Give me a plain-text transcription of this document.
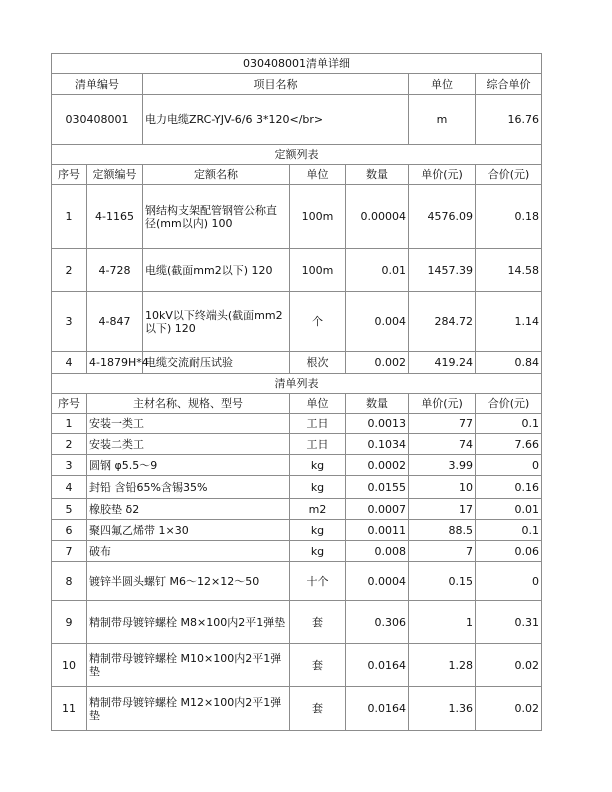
030408001清单详细						
清单编号		项目名称			单位	综合单价
030408001		电力电缆ZRC-YJV-6/6 3*120</br>			m	16.76
定额列表						
序号	定额编号	定额名称	单位	数量	单价(元)	合价(元)
1	4-1165	钢结构支架配管钢管公称直径(mm以内) 100	100m	0.00004	4576.09	0.18
2	4-728	电缆(截面mm2以下) 120	100m	0.01	1457.39	14.58
3	4-847	10kV以下终端头(截面mm2以下) 120	个	0.004	284.72	1.14
4	4-1879H*4	电缆交流耐压试验	根次	0.002	419.24	0.84
清单列表						
序号	主材名称、规格、型号		单位	数量	单价(元)	合价(元)
1	安装一类工		工日	0.0013	77	0.1
2	安装二类工		工日	0.1034	74	7.66
3	圆钢 φ5.5～9		kg	0.0002	3.99	0
4	封铅 含铅65%含锡35%		kg	0.0155	10	0.16
5	橡胶垫 δ2		m2	0.0007	17	0.01
6	聚四氟乙烯带 1×30		kg	0.0011	88.5	0.1
7	破布		kg	0.008	7	0.06
8	镀锌半圆头螺钉 M6～12×12～50		十个	0.0004	0.15	0
9	精制带母镀锌螺栓 M8×100内2平1弹垫		套	0.306	1	0.31
10	精制带母镀锌螺栓 M10×100内2平1弹垫		套	0.0164	1.28	0.02
11	精制带母镀锌螺栓 M12×100内2平1弹垫		套	0.0164	1.36	0.02
